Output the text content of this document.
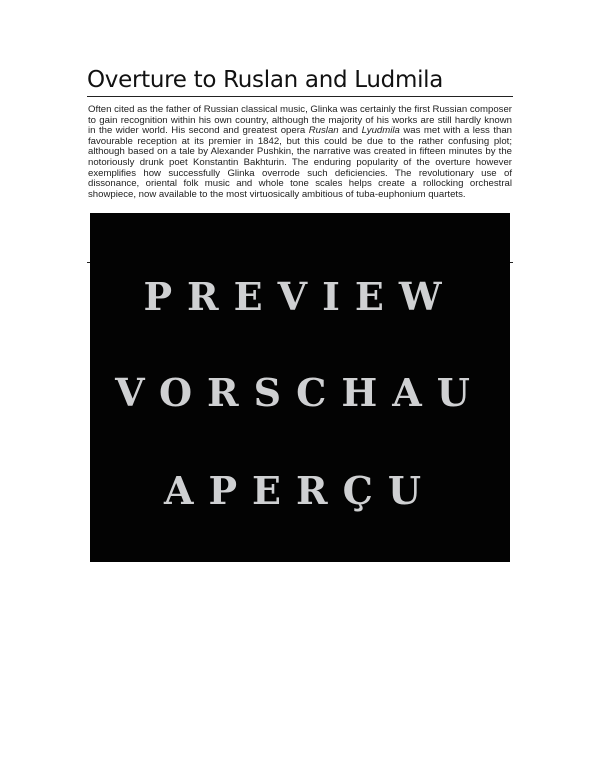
Overture to Ruslan and Ludmila

Often cited as the father of Russian classical music, Glinka was certainly the first Russian composer to gain recognition within his own country, although the majority of his works are still hardly known in the wider world. His second and greatest opera Ruslan and Lyudmila was met with a less than favourable reception at its premier in 1842, but this could be due to the rather confusing plot; although based on a tale by Alexander Pushkin, the narrative was created in fifteen minutes by the notoriously drunk poet Konstantin Bakhturin. The enduring popularity of the overture however exemplifies how successfully Glinka overrode such deficiencies. The revolutionary use of dissonance, oriental folk music and whole tone scales helps create a rollocking orchestral showpiece, now available to the most virtuosically ambitious of tuba-euphonium quartets.

PREVIEW
VORSCHAU
APERÇU
